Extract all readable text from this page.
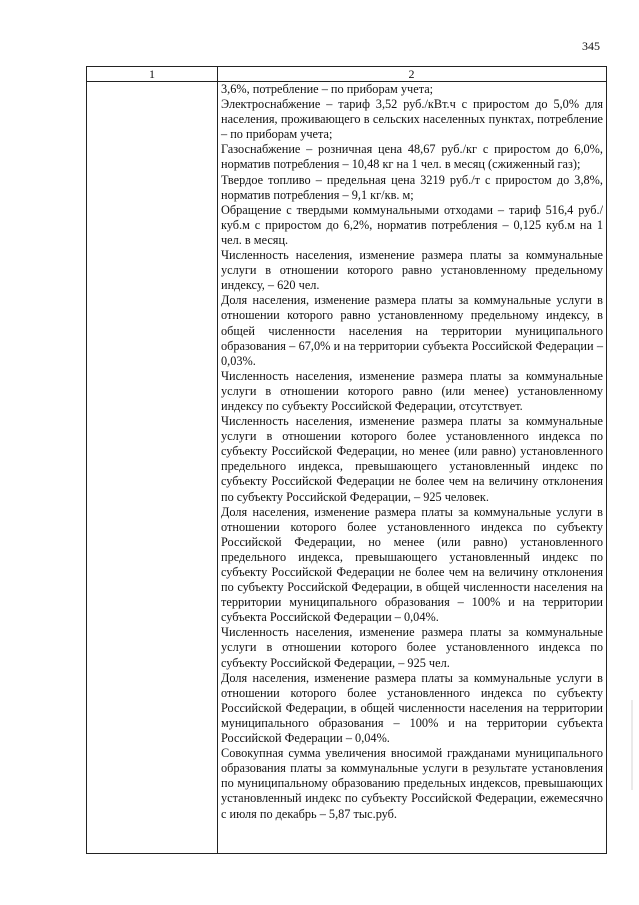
345
1	2

3,6%, потребление – по приборам учета;

Электроснабжение – тариф 3,52 руб./кВт.ч с приростом до 5,0% для населения, проживающего в сельских населенных пунктах, потребление – по приборам учета;

Газоснабжение – розничная цена 48,67 руб./кг с приростом до 6,0%, норматив потребления – 10,48 кг на 1 чел. в месяц (сжиженный газ);

Твердое топливо – предельная цена 3219 руб./т с приростом до 3,8%, норматив потребления – 9,1 кг/кв. м;

Обращение с твердыми коммунальными отходами – тариф 516,4 руб./куб.м с приростом до 6,2%, норматив потребления – 0,125 куб.м на 1 чел. в месяц.

Численность населения, изменение размера платы за коммунальные услуги в отношении которого равно установленному предельному индексу, – 620 чел.

Доля населения, изменение размера платы за коммунальные услуги в отношении которого равно установленному предельному индексу, в общей численности населения на территории муниципального образования – 67,0% и на территории субъекта Российской Федерации – 0,03%.

Численность населения, изменение размера платы за коммунальные услуги в отношении которого равно (или менее) установленному индексу по субъекту Российской Федерации, отсутствует.

Численность населения, изменение размера платы за коммунальные услуги в отношении которого более установленного индекса по субъекту Российской Федерации, но менее (или равно) установленного предельного индекса, превышающего установленный индекс по субъекту Российской Федерации не более чем на величину отклонения по субъекту Российской Федерации, – 925 человек.

Доля населения, изменение размера платы за коммунальные услуги в отношении которого более установленного индекса по субъекту Российской Федерации, но менее (или равно) установленного предельного индекса, превышающего установленный индекс по субъекту Российской Федерации не более чем на величину отклонения по субъекту Российской Федерации, в общей численности населения на территории муниципального образования – 100% и на территории субъекта Российской Федерации – 0,04%.

Численность населения, изменение размера платы за коммунальные услуги в отношении которого более установленного индекса по субъекту Российской Федерации, – 925 чел.

Доля населения, изменение размера платы за коммунальные услуги в отношении которого более установленного индекса по субъекту Российской Федерации, в общей численности населения на территории муниципального образования – 100% и на территории субъекта Российской Федерации – 0,04%.

Совокупная сумма увеличения вносимой гражданами муниципального образования платы за коммунальные услуги в результате установления по муниципальному образованию предельных индексов, превышающих установленный индекс по субъекту Российской Федерации, ежемесячно с июля по декабрь – 5,87 тыс.руб.
